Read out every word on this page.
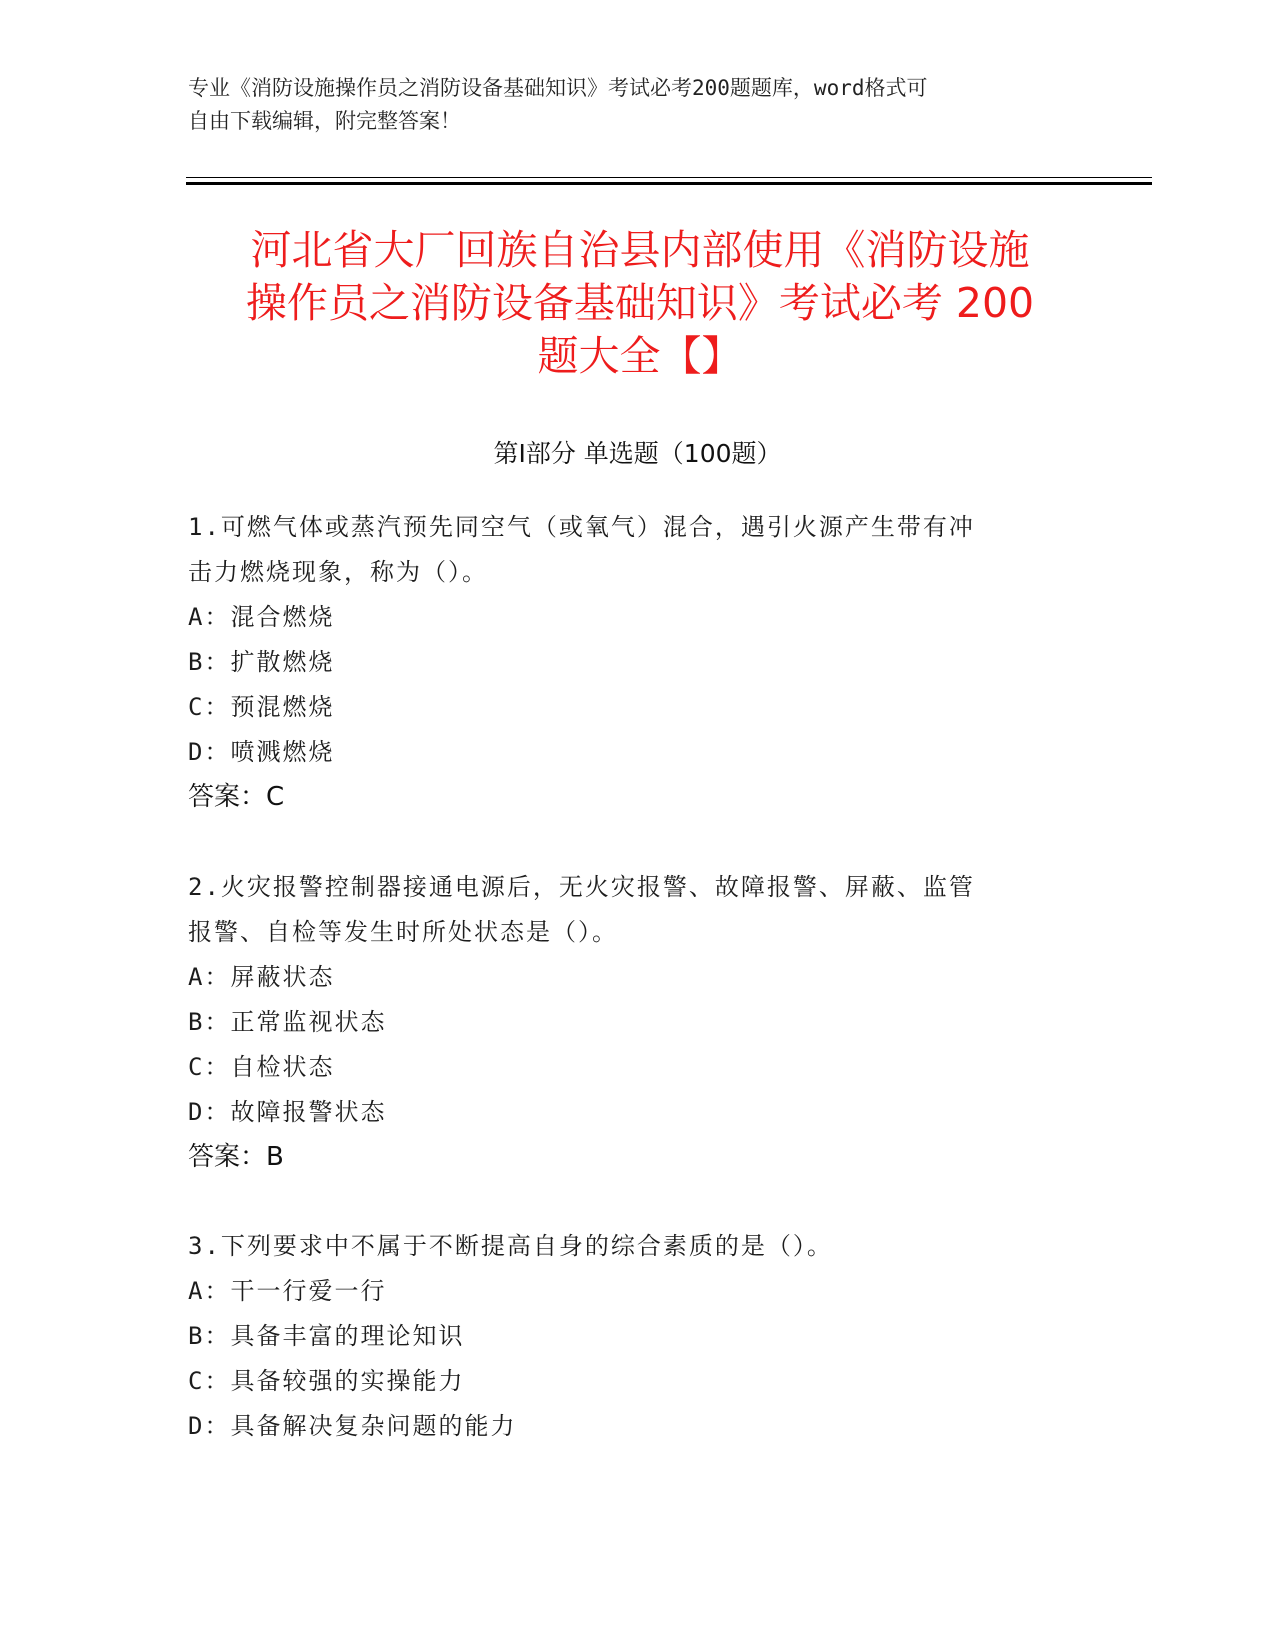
专业《消防设施操作员之消防设备基础知识》考试必考200题题库，word格式可
自由下载编辑，附完整答案！
河北省大厂回族自治县内部使用《消防设施
操作员之消防设备基础知识》考试必考 200
题大全【】
第Ⅰ部分 单选题（100题）
1.可燃气体或蒸汽预先同空气（或氧气）混合，遇引火源产生带有冲
击力燃烧现象，称为（）。
A：混合燃烧
B：扩散燃烧
C：预混燃烧
D：喷溅燃烧
答案：C
2.火灾报警控制器接通电源后，无火灾报警、故障报警、屏蔽、监管
报警、自检等发生时所处状态是（）。
A：屏蔽状态
B：正常监视状态
C：自检状态
D：故障报警状态
答案：B
3.下列要求中不属于不断提高自身的综合素质的是（）。
A：干一行爱一行
B：具备丰富的理论知识
C：具备较强的实操能力
D：具备解决复杂问题的能力
